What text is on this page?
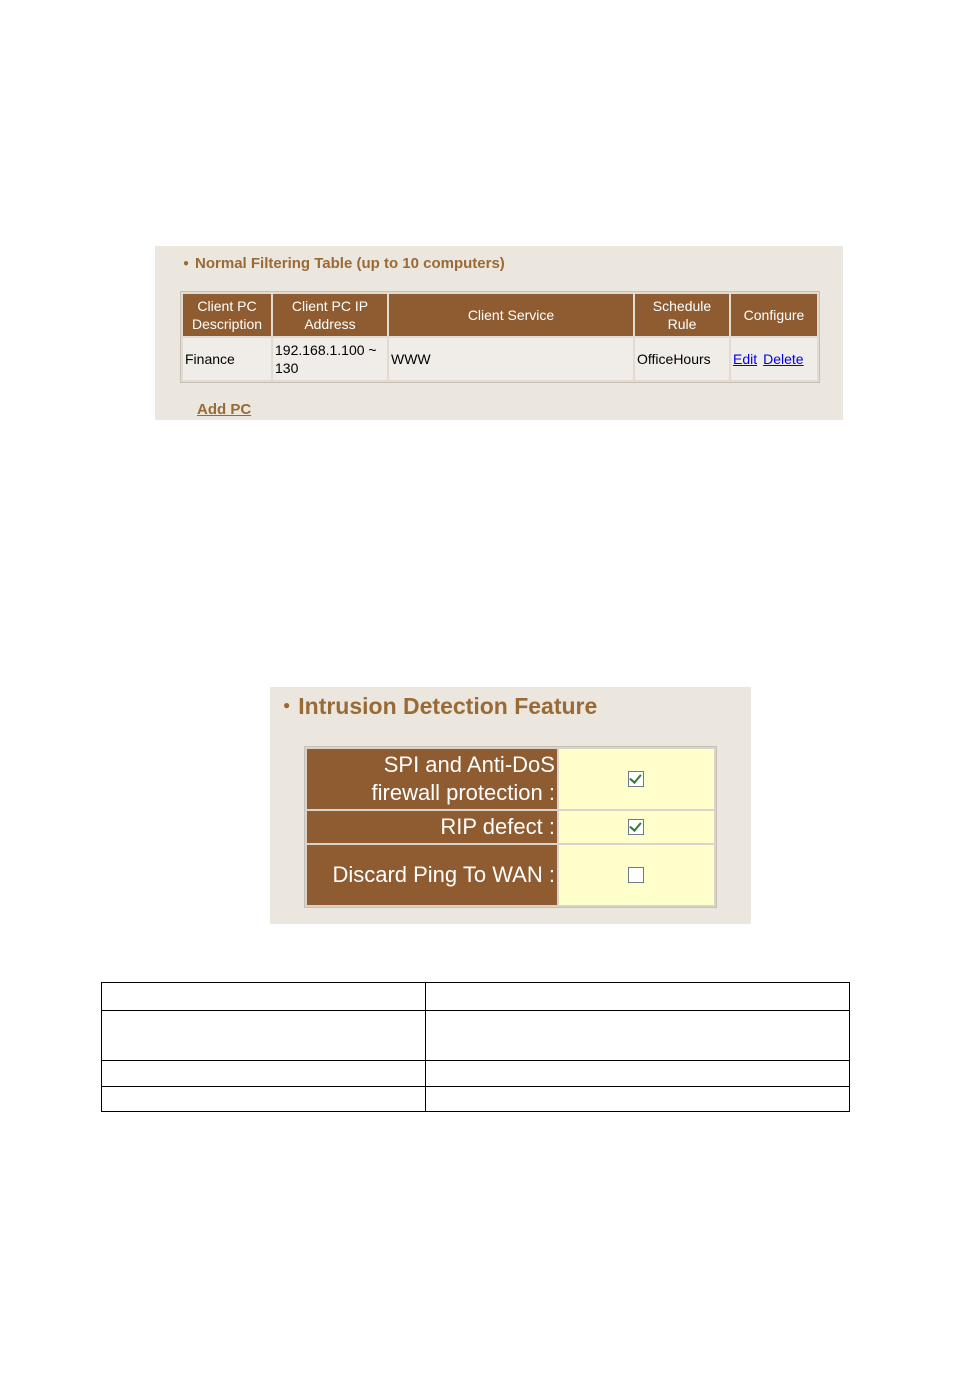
● Normal Filtering Table (up to 10 computers)
Client PC Description	Client PC IP Address	Client Service	Schedule Rule	Configure
Finance	192.168.1.100 ~ 130	WWW	OfficeHours	Edit Delete
Add PC
● Intrusion Detection Feature
SPI and Anti-DoS firewall protection :	
RIP defect :	
Discard Ping To WAN :	
